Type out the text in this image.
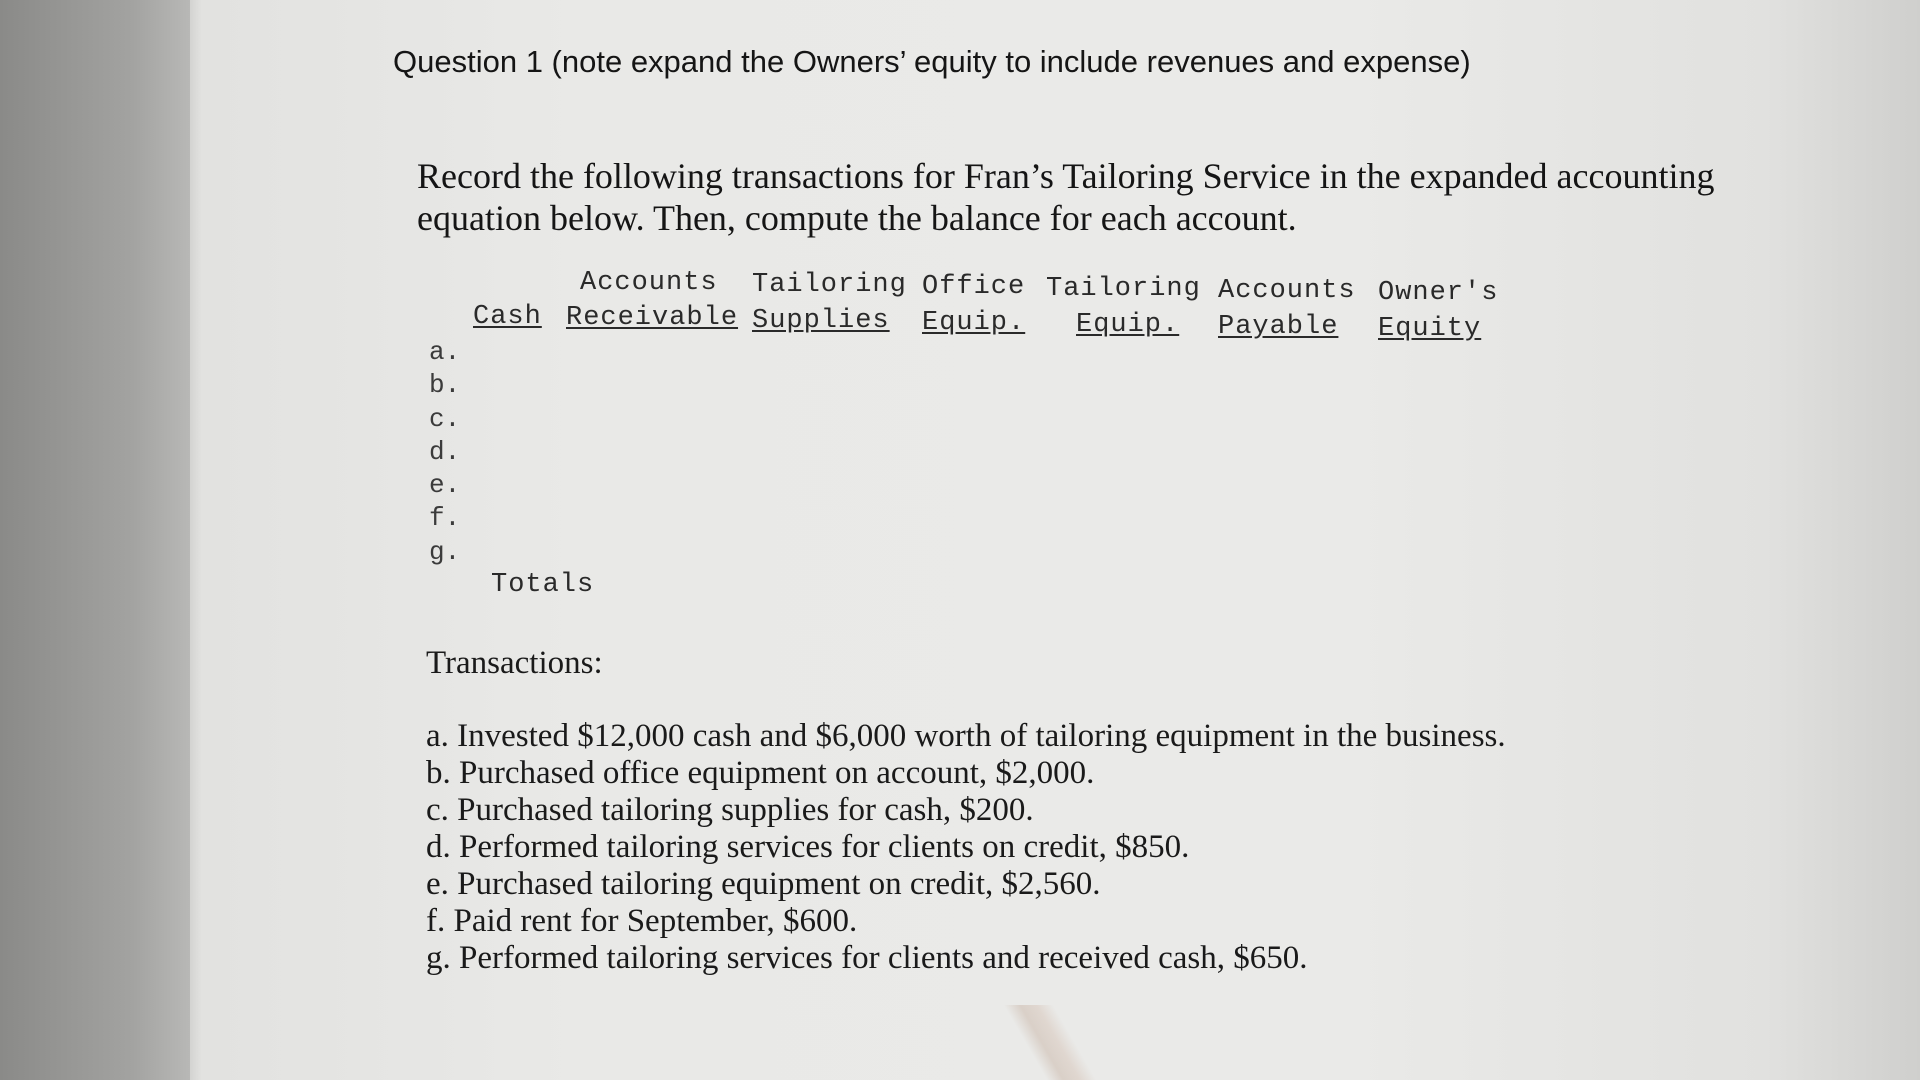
Question 1 (note expand the Owners’ equity to include revenues and expense)
Record the following transactions for Fran’s Tailoring Service in the expanded accounting equation below. Then, compute the balance for each account.
Accounts Tailoring Office Tailoring Accounts Owner's
Cash Receivable Supplies Equip. Equip. Payable Equity
a.
b.
c.
d.
e.
f.
g.
Totals
Transactions:
a. Invested $12,000 cash and $6,000 worth of tailoring equipment in the business.
b. Purchased office equipment on account, $2,000.
c. Purchased tailoring supplies for cash, $200.
d. Performed tailoring services for clients on credit, $850.
e. Purchased tailoring equipment on credit, $2,560.
f. Paid rent for September, $600.
g. Performed tailoring services for clients and received cash, $650.
